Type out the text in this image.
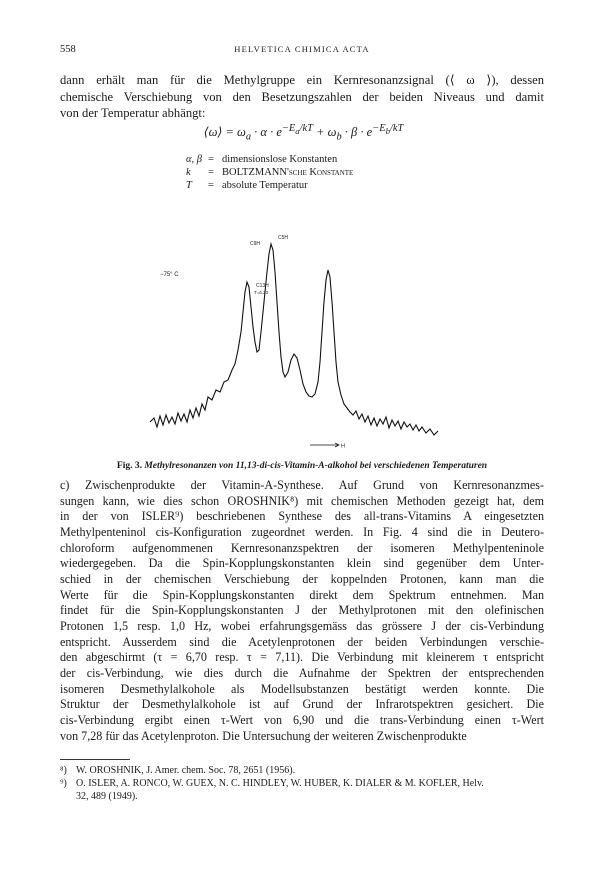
558	HELVETICA CHIMICA ACTA
dann erhält man für die Methylgruppe ein Kernresonanzsignal (⟨ ω ⟩), dessen
chemische Verschiebung von den Besetzungszahlen der beiden Niveaus und damit
von der Temperatur abhängt:
⟨ω⟩ = $\omega_a \cdot \alpha \cdot e^{-E_a/kT} + \omega_b \cdot \beta \cdot e^{-E_b/kT}$
α, β = dimensionslose Konstanten
k	= BOLTZMANN'sche Konstante
T	= absolute Temperatur
−75° C
C9H
C5H
C13H
T=6.23
H
Fig. 3. Methylresonanzen von 11,13-di-cis-Vitamin-A-alkohol bei verschiedenen Temperaturen
c) Zwischenprodukte der Vitamin-A-Synthese. Auf Grund von Kernresonanzmes-
sungen kann, wie dies schon OROSHNIK⁸) mit chemischen Methoden gezeigt hat, dem
in der von ISLER⁹) beschriebenen Synthese des all-trans-Vitamins A eingesetzten
Methylpenteninol cis-Konfiguration zugeordnet werden. In Fig. 4 sind die in Deutero-
chloroform aufgenommenen Kernresonanzspektren der isomeren Methylpenteninole
wiedergegeben. Da die Spin-Kopplungskonstanten klein sind gegenüber dem Unter-
schied in der chemischen Verschiebung der koppelnden Protonen, kann man die
Werte für die Spin-Kopplungskonstanten direkt dem Spektrum entnehmen. Man
findet für die Spin-Kopplungskonstanten J der Methylprotonen mit den olefinischen
Protonen 1,5 resp. 1,0 Hz, wobei erfahrungsgemäss das grössere J der cis-Verbindung
entspricht. Ausserdem sind die Acetylenprotonen der beiden Verbindungen verschie-
den abgeschirmt (τ = 6,70 resp. τ = 7,11). Die Verbindung mit kleinerem τ entspricht
der cis-Verbindung, wie dies durch die Aufnahme der Spektren der entsprechenden
isomeren Desmethylalkohole als Modellsubstanzen bestätigt werden konnte. Die
Struktur der Desmethylalkohole ist auf Grund der Infrarotspektren gesichert. Die
cis-Verbindung ergibt einen τ-Wert von 6,90 und die trans-Verbindung einen τ-Wert
von 7,28 für das Acetylenproton. Die Untersuchung der weiteren Zwischenprodukte
⁸) W. OROSHNIK, J. Amer. chem. Soc. 78, 2651 (1956).
⁹) O. ISLER, A. RONCO, W. GUEX, N. C. HINDLEY, W. HUBER, K. DIALER & M. KOFLER, Helv.
32, 489 (1949).
